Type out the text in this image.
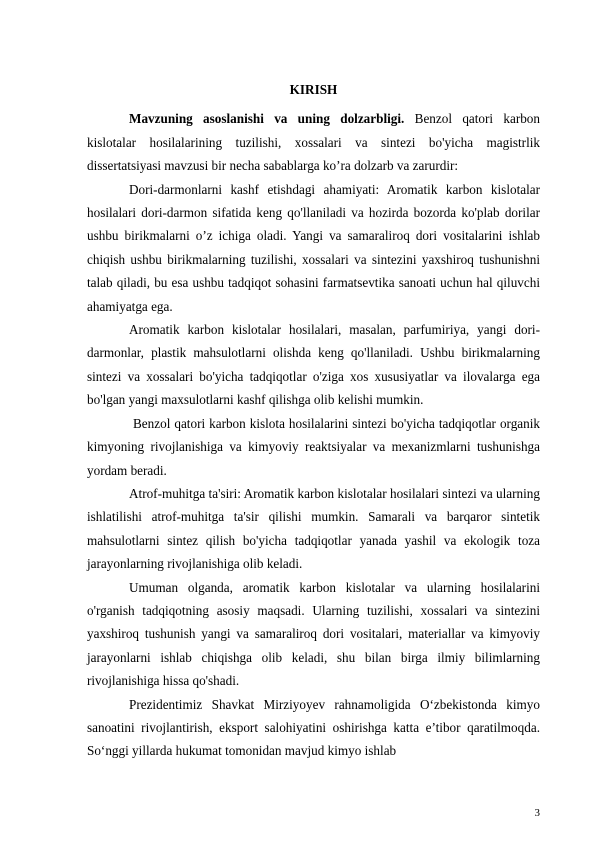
KIRISH

Mavzuning asoslanishi va uning dolzarbligi. Benzol qatori karbon kislotalar hosilalarining tuzilishi, xossalari va sintezi bo'yicha magistrlik dissertatsiyasi mavzusi bir necha sabablarga ko’ra dolzarb va zarurdir:

Dori-darmonlarni kashf etishdagi ahamiyati: Aromatik karbon kislotalar hosilalari dori-darmon sifatida keng qo'llaniladi va hozirda bozorda ko'plab dorilar ushbu birikmalarni o’z ichiga oladi. Yangi va samaraliroq dori vositalarini ishlab chiqish ushbu birikmalarning tuzilishi, xossalari va sintezini yaxshiroq tushunishni talab qiladi, bu esa ushbu tadqiqot sohasini farmatsevtika sanoati uchun hal qiluvchi ahamiyatga ega.

Aromatik karbon kislotalar hosilalari, masalan, parfumiriya, yangi dori-darmonlar, plastik mahsulotlarni olishda keng qo'llaniladi. Ushbu birikmalarning sintezi va xossalari bo'yicha tadqiqotlar o'ziga xos xususiyatlar va ilovalarga ega bo'lgan yangi maxsulotlarni kashf qilishga olib kelishi mumkin.

Benzol qatori karbon kislota hosilalarini sintezi bo'yicha tadqiqotlar organik kimyoning rivojlanishiga va kimyoviy reaktsiyalar va mexanizmlarni tushunishga yordam beradi.

Atrof-muhitga ta'siri: Aromatik karbon kislotalar hosilalari sintezi va ularning ishlatilishi atrof-muhitga ta'sir qilishi mumkin. Samarali va barqaror sintetik mahsulotlarni sintez qilish bo'yicha tadqiqotlar yanada yashil va ekologik toza jarayonlarning rivojlanishiga olib keladi.

Umuman olganda, aromatik karbon kislotalar va ularning hosilalarini o'rganish tadqiqotning asosiy maqsadi. Ularning tuzilishi, xossalari va sintezini yaxshiroq tushunish yangi va samaraliroq dori vositalari, materiallar va kimyoviy jarayonlarni ishlab chiqishga olib keladi, shu bilan birga ilmiy bilimlarning rivojlanishiga hissa qo'shadi.

Prezidentimiz Shavkat Mirziyoyev rahnamoligida O‘zbekistonda kimyo sanoatini rivojlantirish, eksport salohiyatini oshirishga katta e’tibor qaratilmoqda. So‘nggi yillarda hukumat tomonidan mavjud kimyo ishlab

3
